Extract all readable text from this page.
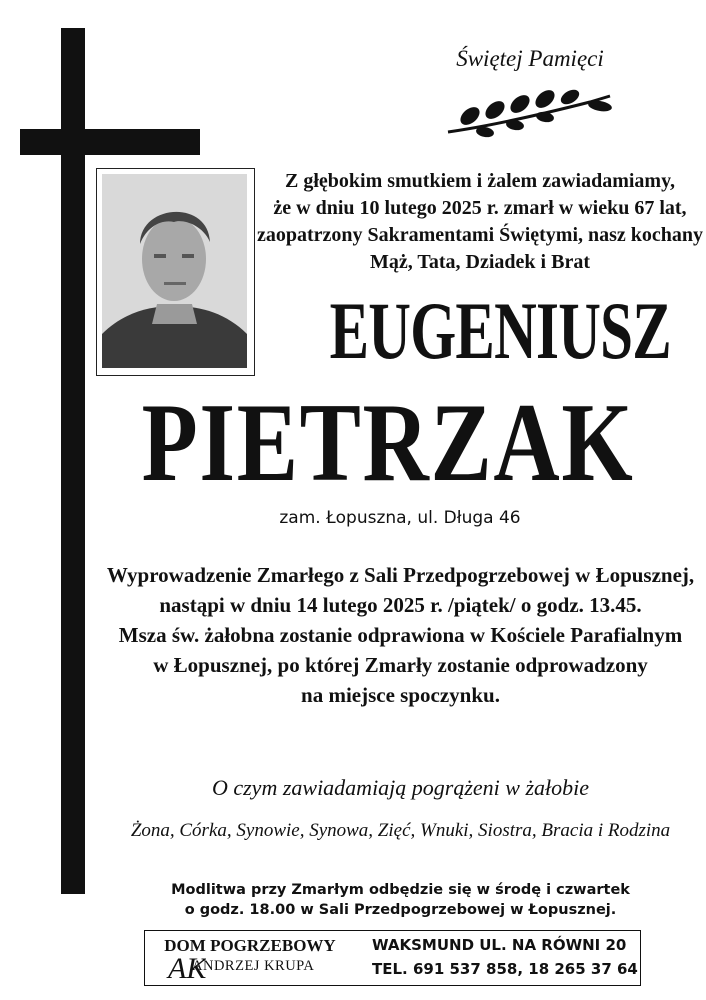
Świętej Pamięci
Z głębokim smutkiem i żalem zawiadamiamy,
że w dniu 10 lutego 2025 r. zmarł w wieku 67 lat,
zaopatrzony Sakramentami Świętymi, nasz kochany
Mąż, Tata, Dziadek i Brat
EUGENIUSZ
PIETRZAK
zam. Łopuszna, ul. Długa 46
Wyprowadzenie Zmarłego z Sali Przedpogrzebowej w Łopusznej,
nastąpi w dniu 14 lutego 2025 r. /piątek/ o godz. 13.45.
Msza św. żałobna zostanie odprawiona w Kościele Parafialnym
w Łopusznej, po której Zmarły zostanie odprowadzony
na miejsce spoczynku.
O czym zawiadamiają pogrążeni w żałobie
Żona, Córka, Synowie, Synowa, Zięć, Wnuki, Siostra, Bracia i Rodzina
Modlitwa przy Zmarłym odbędzie się w środę i czwartek
o godz. 18.00 w Sali Przedpogrzebowej w Łopusznej.
DOM POGRZEBOWY
AK
ANDRZEJ KRUPA
WAKSMUND UL. NA RÓWNI 20
TEL. 691 537 858, 18 265 37 64
